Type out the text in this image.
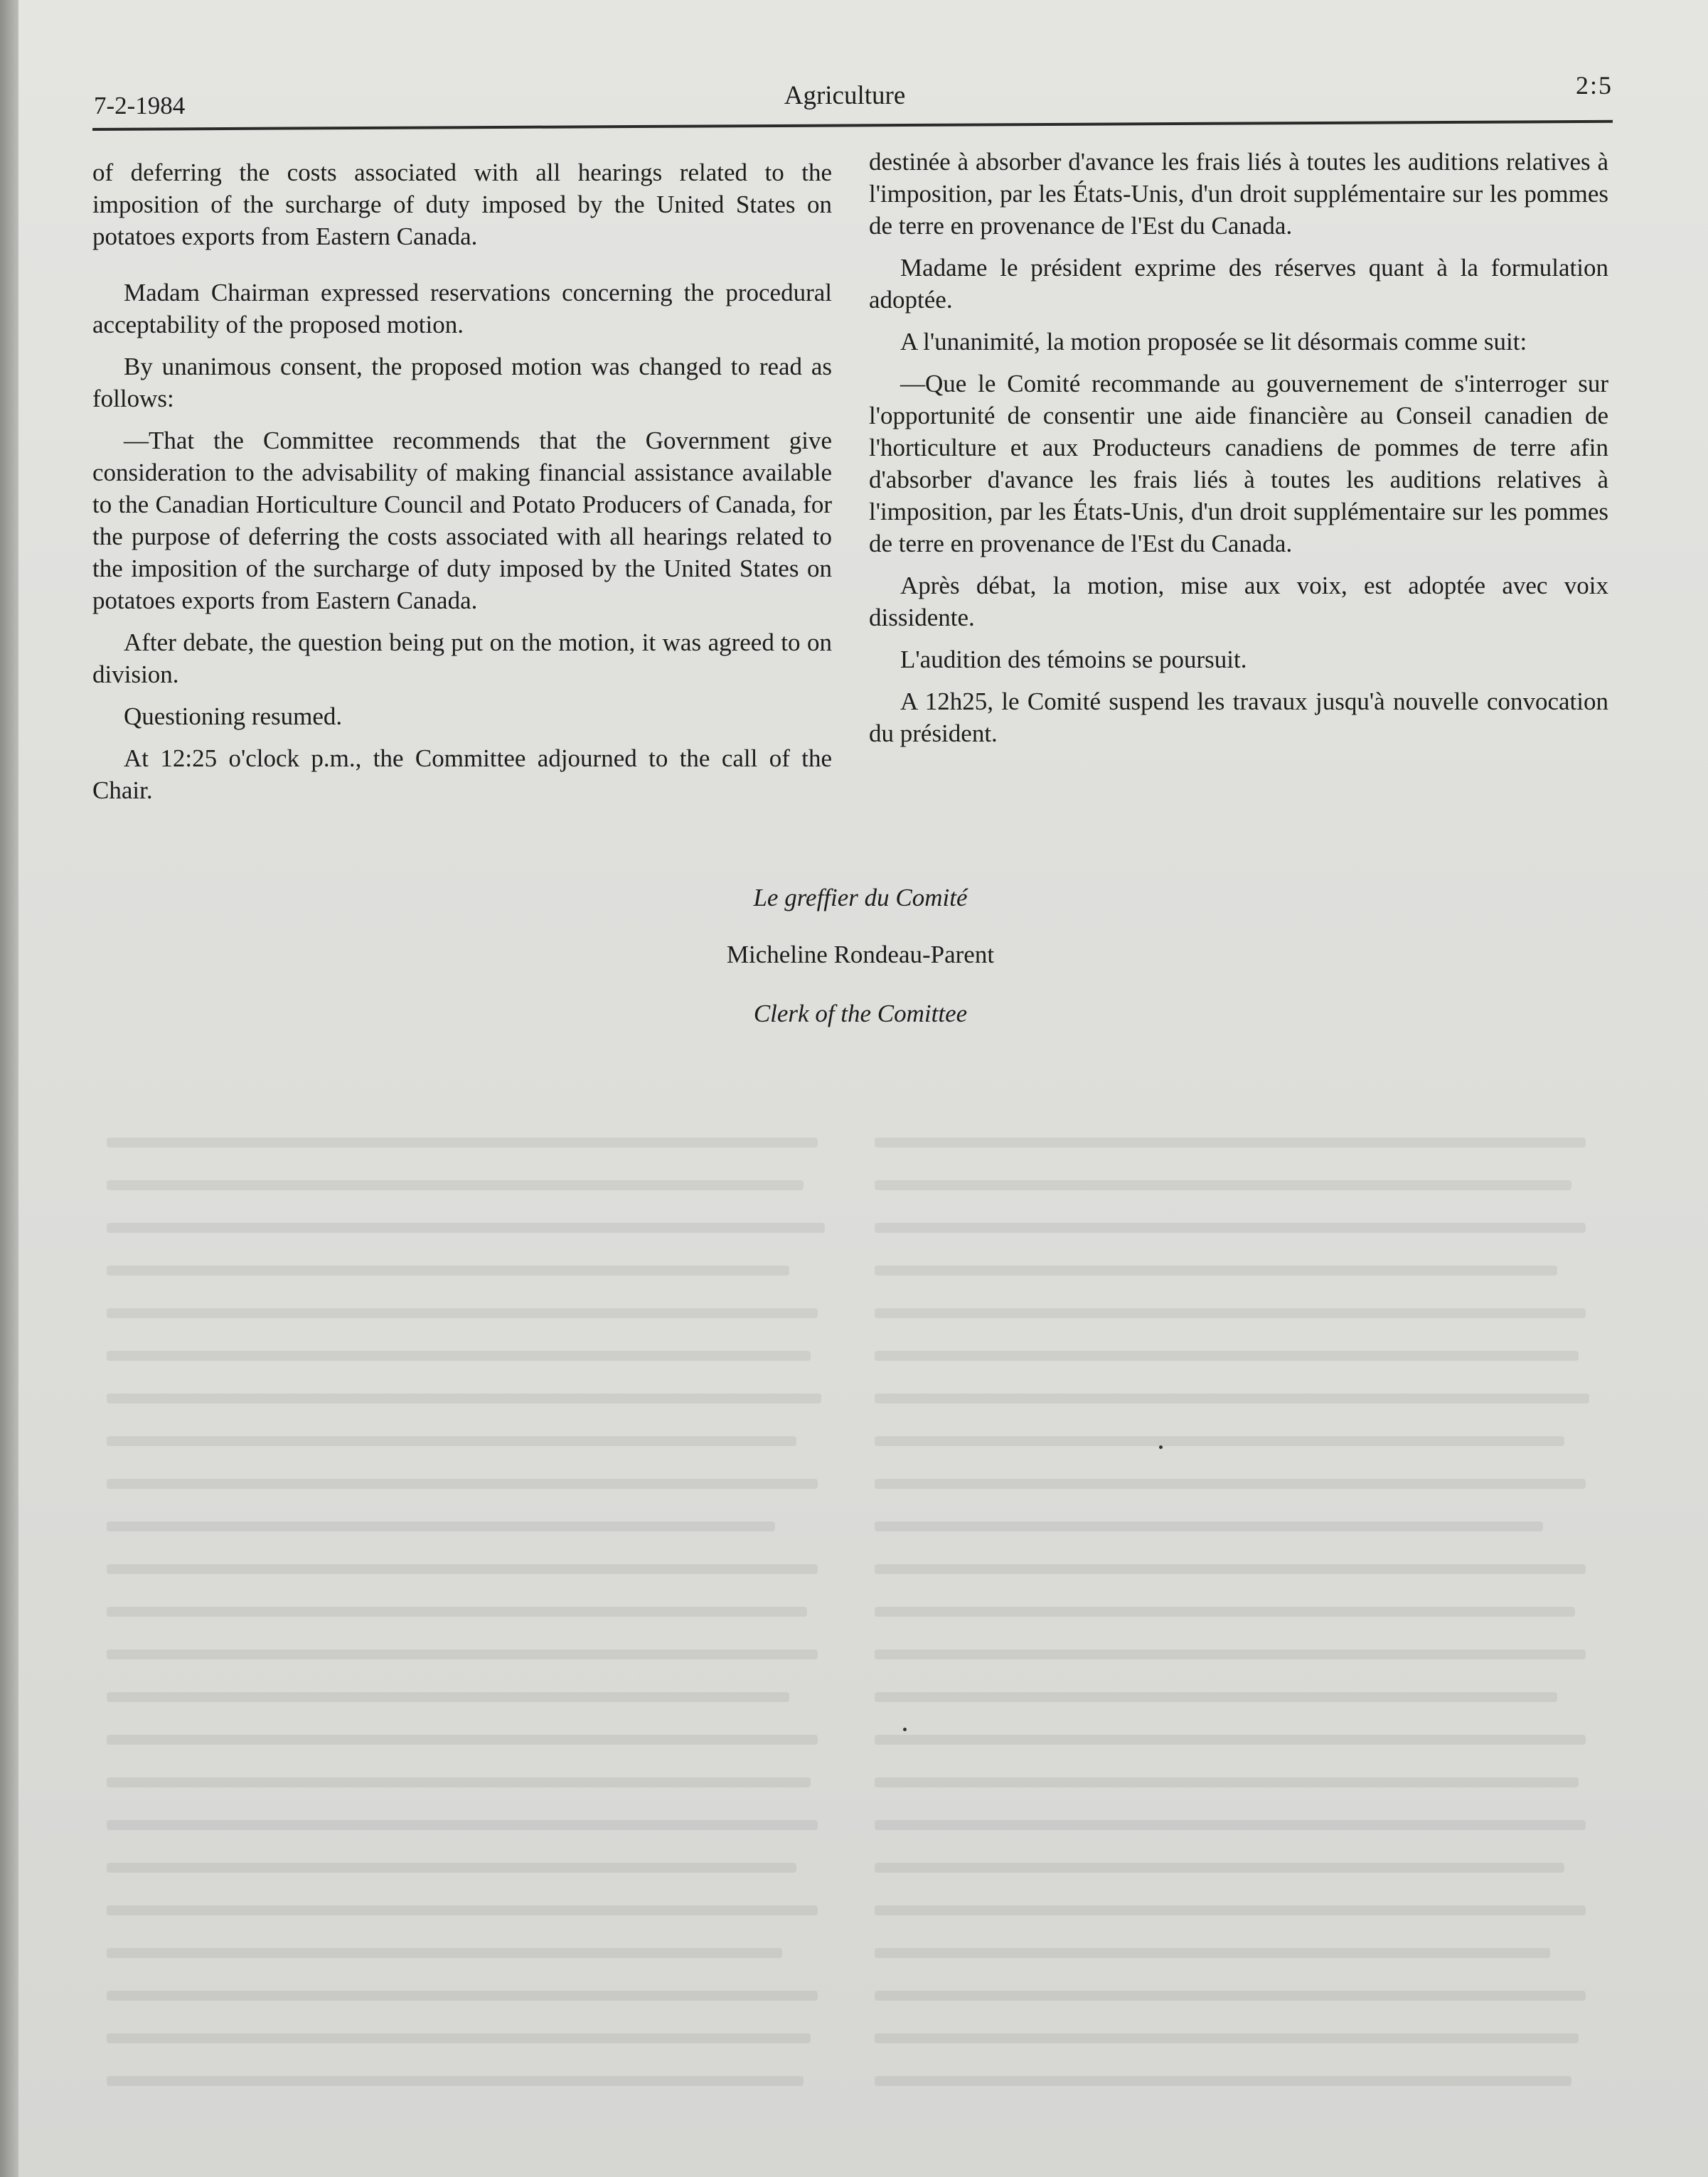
7-2-1984	Agriculture	2:5

of deferring the costs associated with all hearings related to the imposition of the surcharge of duty imposed by the United States on potatoes exports from Eastern Canada.

Madam Chairman expressed reservations concerning the procedural acceptability of the proposed motion.

By unanimous consent, the proposed motion was changed to read as follows:

—That the Committee recommends that the Government give consideration to the advisability of making financial assistance available to the Canadian Horticulture Council and Potato Producers of Canada, for the purpose of deferring the costs associated with all hearings related to the imposition of the surcharge of duty imposed by the United States on potatoes exports from Eastern Canada.

After debate, the question being put on the motion, it was agreed to on division.

Questioning resumed.

At 12:25 o'clock p.m., the Committee adjourned to the call of the Chair.

destinée à absorber d'avance les frais liés à toutes les auditions relatives à l'imposition, par les États-Unis, d'un droit supplémentaire sur les pommes de terre en provenance de l'Est du Canada.

Madame le président exprime des réserves quant à la formulation adoptée.

A l'unanimité, la motion proposée se lit désormais comme suit:

—Que le Comité recommande au gouvernement de s'interroger sur l'opportunité de consentir une aide financière au Conseil canadien de l'horticulture et aux Producteurs canadiens de pommes de terre afin d'absorber d'avance les frais liés à toutes les auditions relatives à l'imposition, par les États-Unis, d'un droit supplémentaire sur les pommes de terre en provenance de l'Est du Canada.

Après débat, la motion, mise aux voix, est adoptée avec voix dissidente.

L'audition des témoins se poursuit.

A 12h25, le Comité suspend les travaux jusqu'à nouvelle convocation du président.

Le greffier du Comité
Micheline Rondeau-Parent
Clerk of the Comittee
